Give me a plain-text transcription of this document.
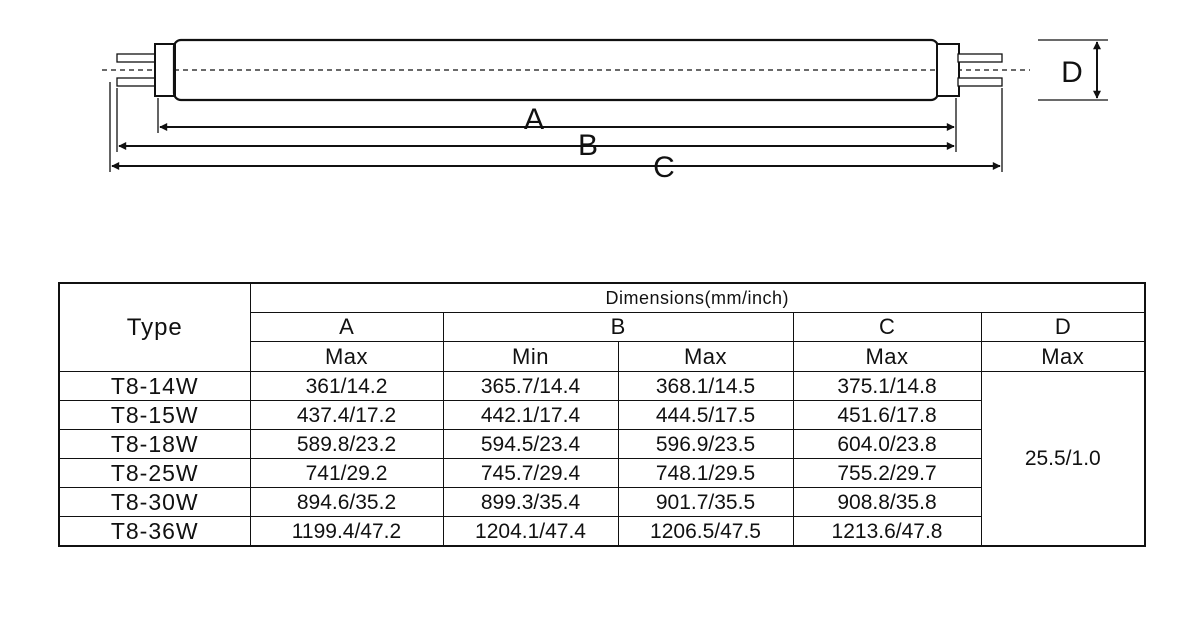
A
B
C
D
Type	Dimensions(mm/inch)				
	A	B		C	D
	Max	Min	Max	Max	Max
T8-14W	361/14.2	365.7/14.4	368.1/14.5	375.1/14.8	25.5/1.0
T8-15W	437.4/17.2	442.1/17.4	444.5/17.5	451.6/17.8	
T8-18W	589.8/23.2	594.5/23.4	596.9/23.5	604.0/23.8	
T8-25W	741/29.2	745.7/29.4	748.1/29.5	755.2/29.7	
T8-30W	894.6/35.2	899.3/35.4	901.7/35.5	908.8/35.8	
T8-36W	1199.4/47.2	1204.1/47.4	1206.5/47.5	1213.6/47.8	
